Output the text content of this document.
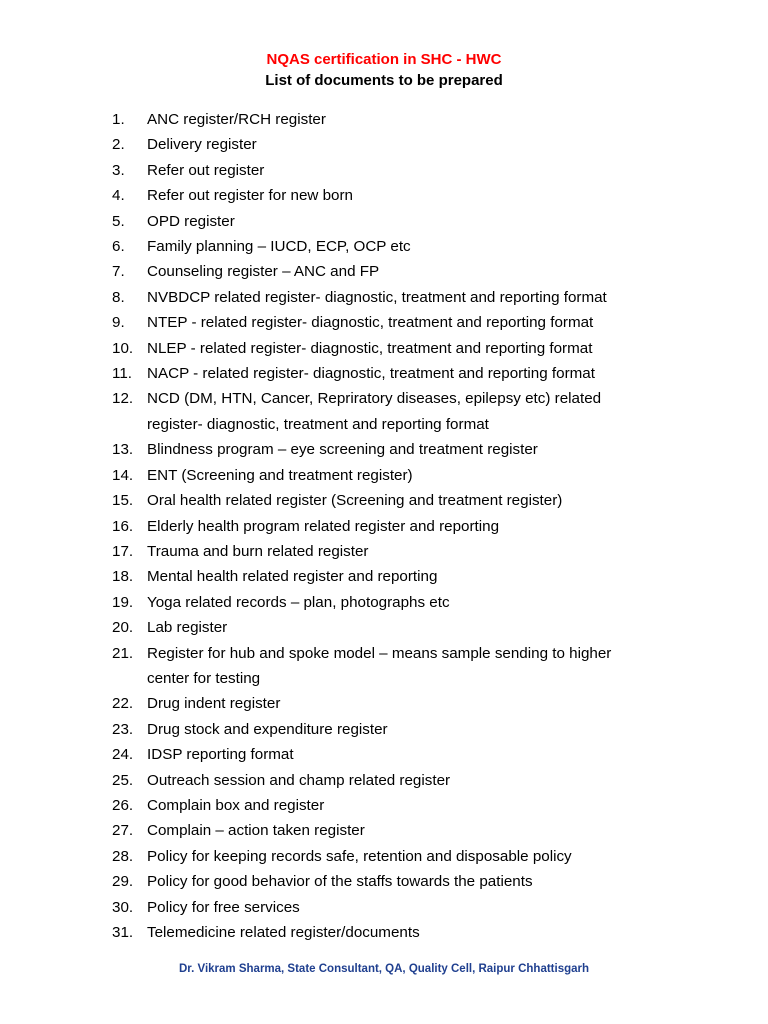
NQAS certification in SHC - HWC
List of documents to be prepared
1. ANC register/RCH register
2. Delivery register
3. Refer out register
4. Refer out register for new born
5. OPD register
6. Family planning – IUCD, ECP, OCP etc
7. Counseling register – ANC and FP
8. NVBDCP related register- diagnostic, treatment and reporting format
9. NTEP - related register- diagnostic, treatment and reporting format
10. NLEP - related register- diagnostic, treatment and reporting format
11. NACP - related register- diagnostic, treatment and reporting format
12. NCD (DM, HTN, Cancer, Repriratory diseases, epilepsy etc) related
register- diagnostic, treatment and reporting format
13. Blindness program – eye screening and treatment register
14. ENT (Screening and treatment register)
15. Oral health related register (Screening and treatment register)
16. Elderly health program related register and reporting
17. Trauma and burn related register
18. Mental health related register and reporting
19. Yoga related records – plan, photographs etc
20. Lab register
21. Register for hub and spoke model – means sample sending to higher
center for testing
22. Drug indent register
23. Drug stock and expenditure register
24. IDSP reporting format
25. Outreach session and champ related register
26. Complain box and register
27. Complain – action taken register
28. Policy for keeping records safe, retention and disposable policy
29. Policy for good behavior of the staffs towards the patients
30. Policy for free services
31. Telemedicine related register/documents
Dr. Vikram Sharma, State Consultant, QA, Quality Cell, Raipur Chhattisgarh
